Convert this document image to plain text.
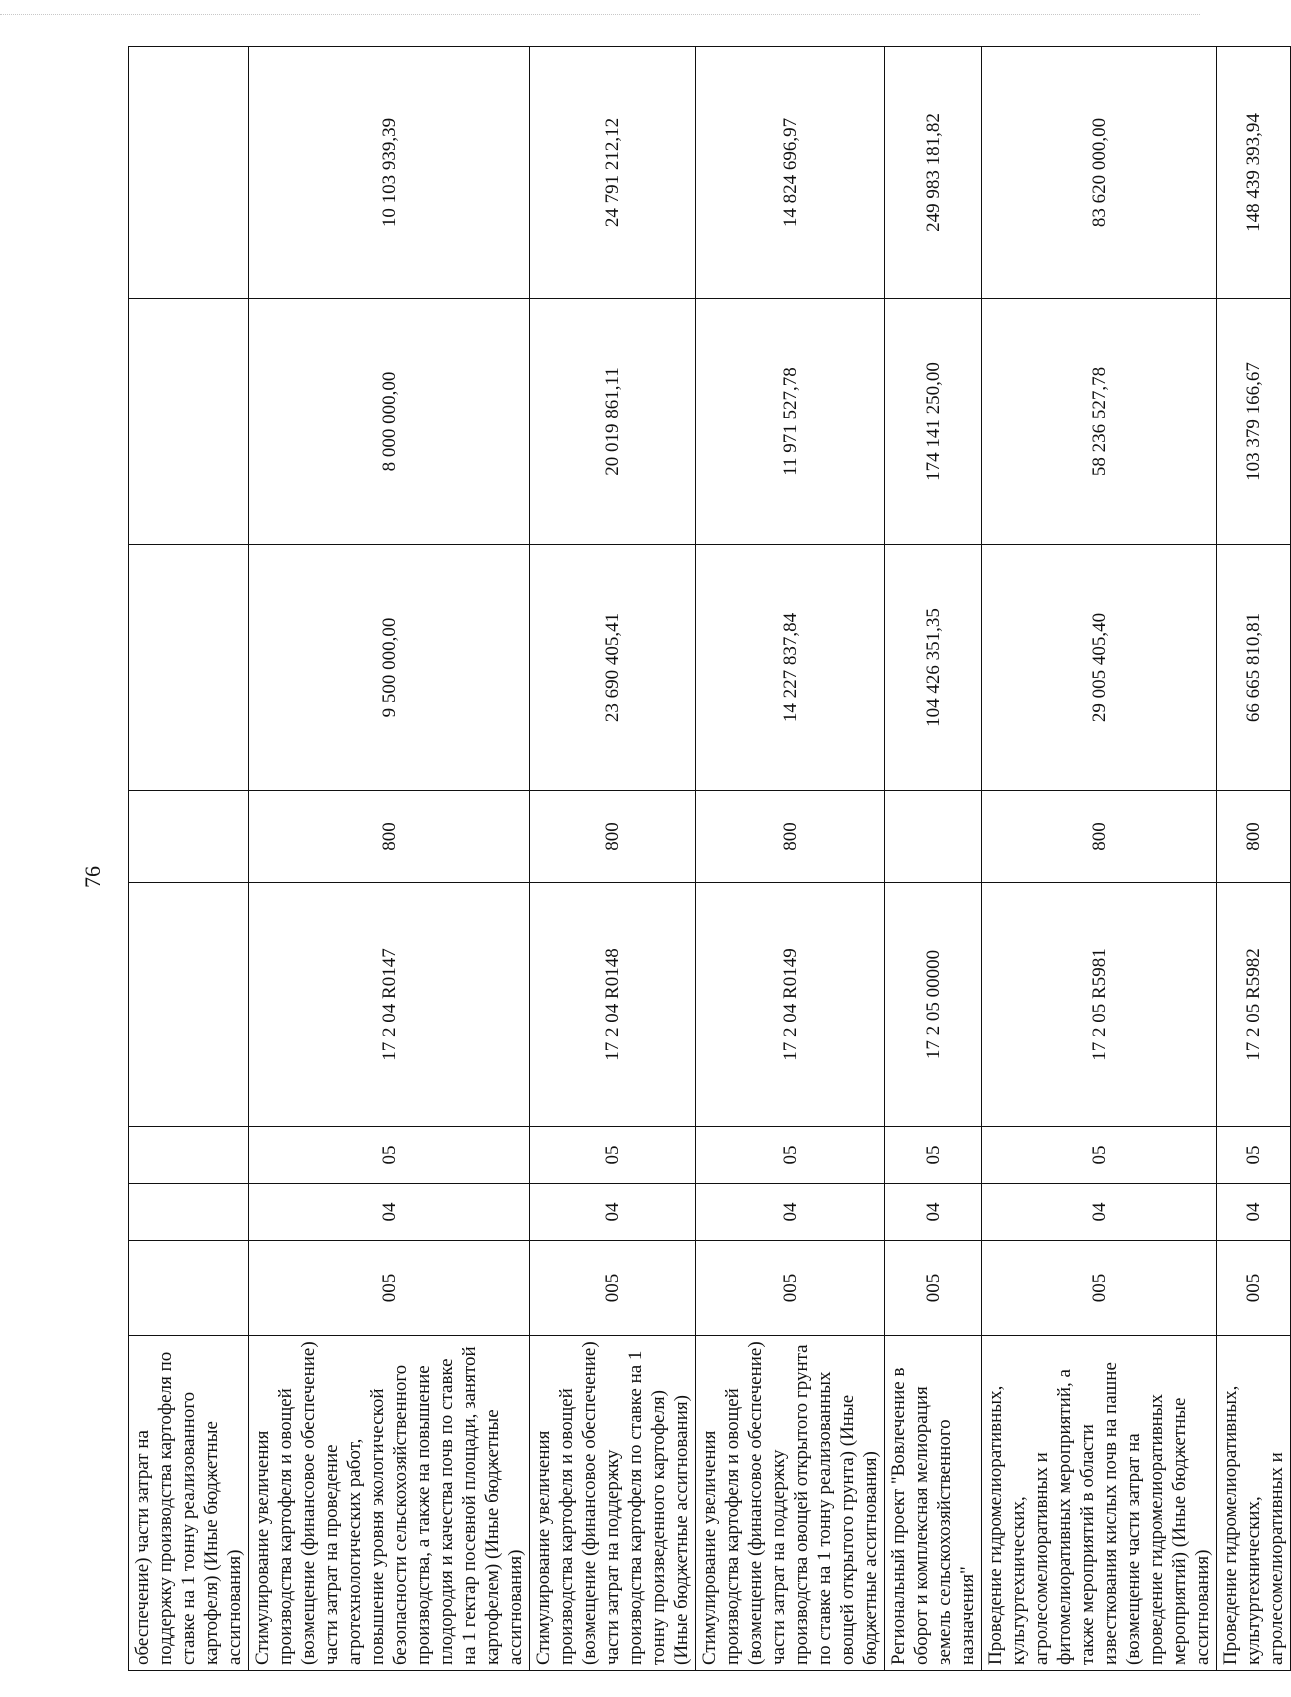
76
обеспечение) части затрат на поддержку производства картофеля по ставке на 1 тонну реализованного картофеля) (Иные бюджетные ассигнования)								
Стимулирование увеличения производства картофеля и овощей (возмещение (финансовое обеспечение) части затрат на проведение агротехнологических работ, повышение уровня экологической безопасности сельскохозяйственного производства, а также на повышение плодородия и качества почв по ставке на 1 гектар посевной площади, занятой картофелем) (Иные бюджетные ассигнования)	005	04	05	17 2 04 R0147	800	9 500 000,00	8 000 000,00	10 103 939,39
Стимулирование увеличения производства картофеля и овощей (возмещение (финансовое обеспечение) части затрат на поддержку производства картофеля по ставке на 1 тонну произведенного картофеля) (Иные бюджетные ассигнования)	005	04	05	17 2 04 R0148	800	23 690 405,41	20 019 861,11	24 791 212,12
Стимулирование увеличения производства картофеля и овощей (возмещение (финансовое обеспечение) части затрат на поддержку производства овощей открытого грунта по ставке на 1 тонну реализованных овощей открытого грунта) (Иные бюджетные ассигнования)	005	04	05	17 2 04 R0149	800	14 227 837,84	11 971 527,78	14 824 696,97
Региональный проект "Вовлечение в оборот и комплексная мелиорация земель сельскохозяйственного назначения"	005	04	05	17 2 05 00000		104 426 351,35	174 141 250,00	249 983 181,82
Проведение гидромелиоративных, культуртехнических, агролесомелиоративных и фитомелиоративных мероприятий, а также мероприятий в области известкования кислых почв на пашне (возмещение части затрат на проведение гидромелиоративных мероприятий) (Иные бюджетные ассигнования)	005	04	05	17 2 05 R5981	800	29 005 405,40	58 236 527,78	83 620 000,00
Проведение гидромелиоративных, культуртехнических, агролесомелиоративных и	005	04	05	17 2 05 R5982	800	66 665 810,81	103 379 166,67	148 439 393,94
